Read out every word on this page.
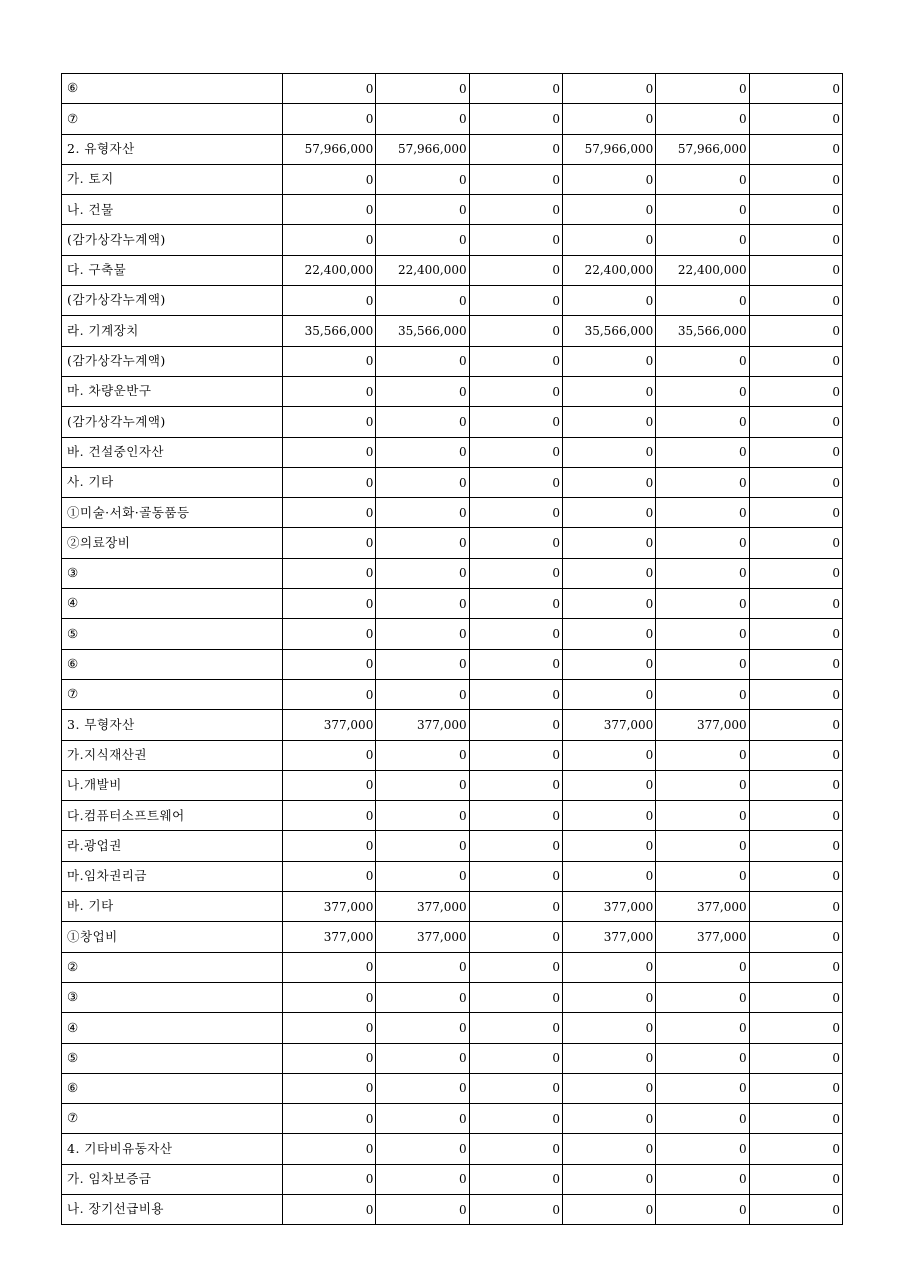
⑥	0	0	0	0	0	0
⑦	0	0	0	0	0	0
2. 유형자산	57,966,000	57,966,000	0	57,966,000	57,966,000	0
가. 토지	0	0	0	0	0	0
나. 건물	0	0	0	0	0	0
(감가상각누계액)	0	0	0	0	0	0
다. 구축물	22,400,000	22,400,000	0	22,400,000	22,400,000	0
(감가상각누계액)	0	0	0	0	0	0
라. 기계장치	35,566,000	35,566,000	0	35,566,000	35,566,000	0
(감가상각누계액)	0	0	0	0	0	0
마. 차량운반구	0	0	0	0	0	0
(감가상각누계액)	0	0	0	0	0	0
바. 건설중인자산	0	0	0	0	0	0
사. 기타	0	0	0	0	0	0
①미술·서화·골동품등	0	0	0	0	0	0
②의료장비	0	0	0	0	0	0
③	0	0	0	0	0	0
④	0	0	0	0	0	0
⑤	0	0	0	0	0	0
⑥	0	0	0	0	0	0
⑦	0	0	0	0	0	0
3. 무형자산	377,000	377,000	0	377,000	377,000	0
가.지식재산권	0	0	0	0	0	0
나.개발비	0	0	0	0	0	0
다.컴퓨터소프트웨어	0	0	0	0	0	0
라.광업권	0	0	0	0	0	0
마.임차권리금	0	0	0	0	0	0
바. 기타	377,000	377,000	0	377,000	377,000	0
①창업비	377,000	377,000	0	377,000	377,000	0
②	0	0	0	0	0	0
③	0	0	0	0	0	0
④	0	0	0	0	0	0
⑤	0	0	0	0	0	0
⑥	0	0	0	0	0	0
⑦	0	0	0	0	0	0
4. 기타비유동자산	0	0	0	0	0	0
가. 임차보증금	0	0	0	0	0	0
나. 장기선급비용	0	0	0	0	0	0
